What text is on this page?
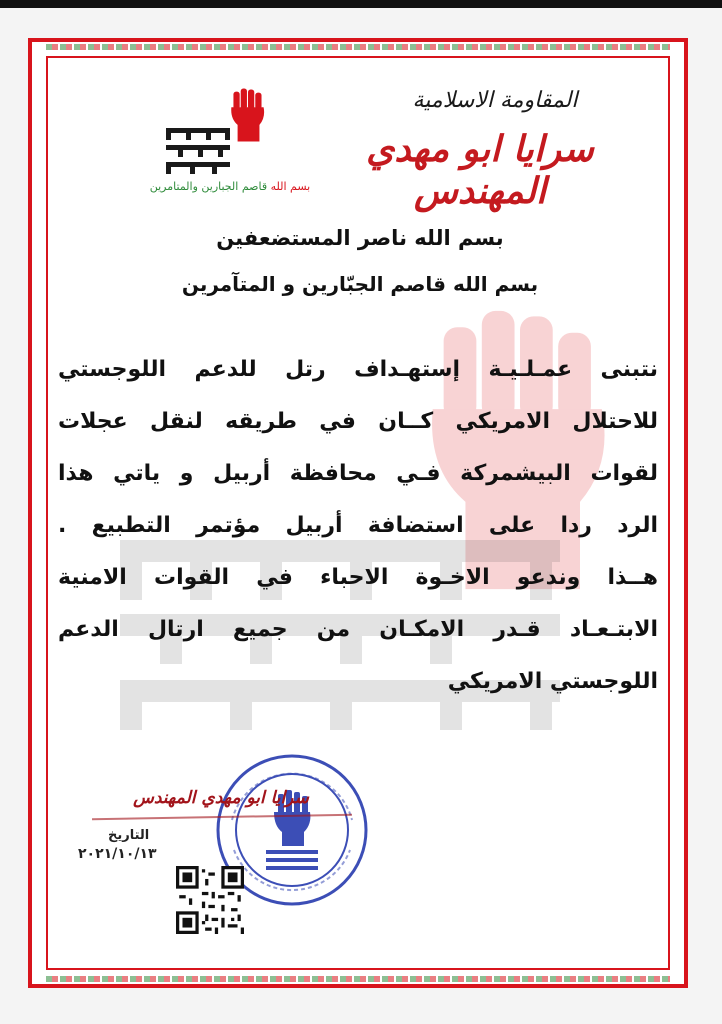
بسم الله قاصم الجبارين والمتامرين
المقاومة الاسلامية
سرايا ابو مهدي المهندس
بسم الله ناصر المستضعفين
بسم الله قاصم الجبّارين و المتآمرين
نتبنى عمـلـيـة إستهـداف رتل للدعم اللوجستي
للاحتلال الامريكي كــان في طريقه لنقل عجلات
لقوات البيشمركة فـي محافظة أربيل و ياتي هذا
الرد ردا على استضافة أربيل مؤتمر التطبيع .
هــذا وندعو الاخـوة الاحباء في القوات الامنية
الابتـعـاد قـدر الامكـان من جميع ارتال الدعم
اللوجستي الامريكي
سرايا ابو مهدي المهندس
التاريخ
٢٠٢١/١٠/١٣
